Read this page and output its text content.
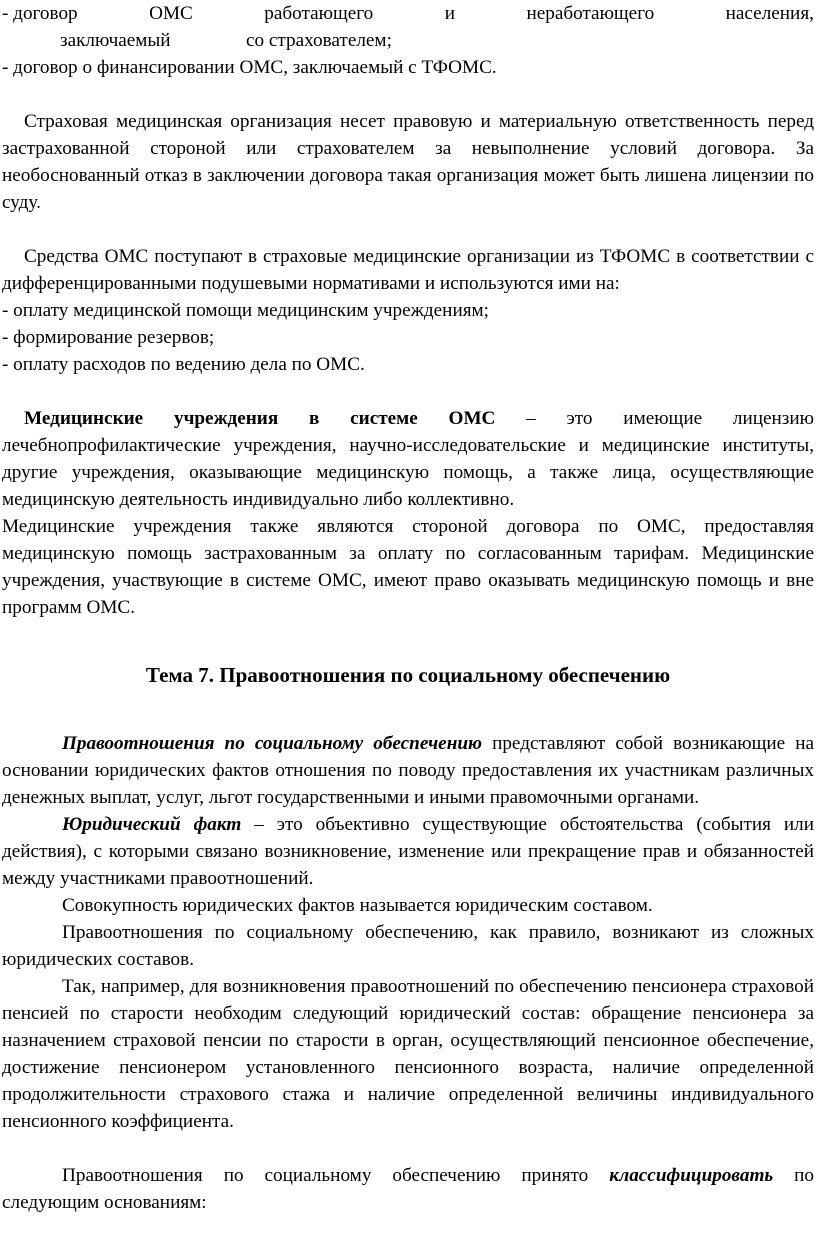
- договор	ОМС	работающего	и	неработающего	населения,
заключаемый	со страхователем;

- договор о финансировании ОМС, заключаемый с ТФОМС.

Страховая медицинская организация несет правовую и материальную ответственность перед застрахованной стороной или страхователем за невыполнение условий договора. За необоснованный отказ в заключении договора такая организация может быть лишена лицензии по суду.

Средства ОМС поступают в страховые медицинские организации из ТФОМС в соответствии с дифференцированными подушевыми нормативами и используются ими на:

- оплату медицинской помощи медицинским учреждениям;

- формирование резервов;

- оплату расходов по ведению дела по ОМС.

Медицинские учреждения в системе ОМС – это имеющие лицензию лечебнопрофилактические учреждения, научно-исследовательские и медицинские институты, другие учреждения, оказывающие медицинскую помощь, а также лица, осуществляющие медицинскую деятельность индивидуально либо коллективно.

Медицинские учреждения также являются стороной договора по ОМС, предоставляя медицинскую помощь застрахованным за оплату по согласованным тарифам. Медицинские учреждения, участвующие в системе ОМС, имеют право оказывать медицинскую помощь и вне программ ОМС.

Тема 7. Правоотношения по социальному обеспечению

Правоотношения по социальному обеспечению представляют собой возникающие на основании юридических фактов отношения по поводу предоставления их участникам различных денежных выплат, услуг, льгот государственными и иными правомочными органами.

Юридический факт – это объективно существующие обстоятельства (события или действия), с которыми связано возникновение, изменение или прекращение прав и обязанностей между участниками правоотношений.

Совокупность юридических фактов называется юридическим составом.

Правоотношения по социальному обеспечению, как правило, возникают из сложных юридических составов.

Так, например, для возникновения правоотношений по обеспечению пенсионера страховой пенсией по старости необходим следующий юридический состав: обращение пенсионера за назначением страховой пенсии по старости в орган, осуществляющий пенсионное обеспечение, достижение пенсионером установленного пенсионного возраста, наличие определенной продолжительности страхового стажа и наличие определенной величины индивидуального пенсионного коэффициента.

Правоотношения по социальному обеспечению принято классифицировать по следующим основаниям:
